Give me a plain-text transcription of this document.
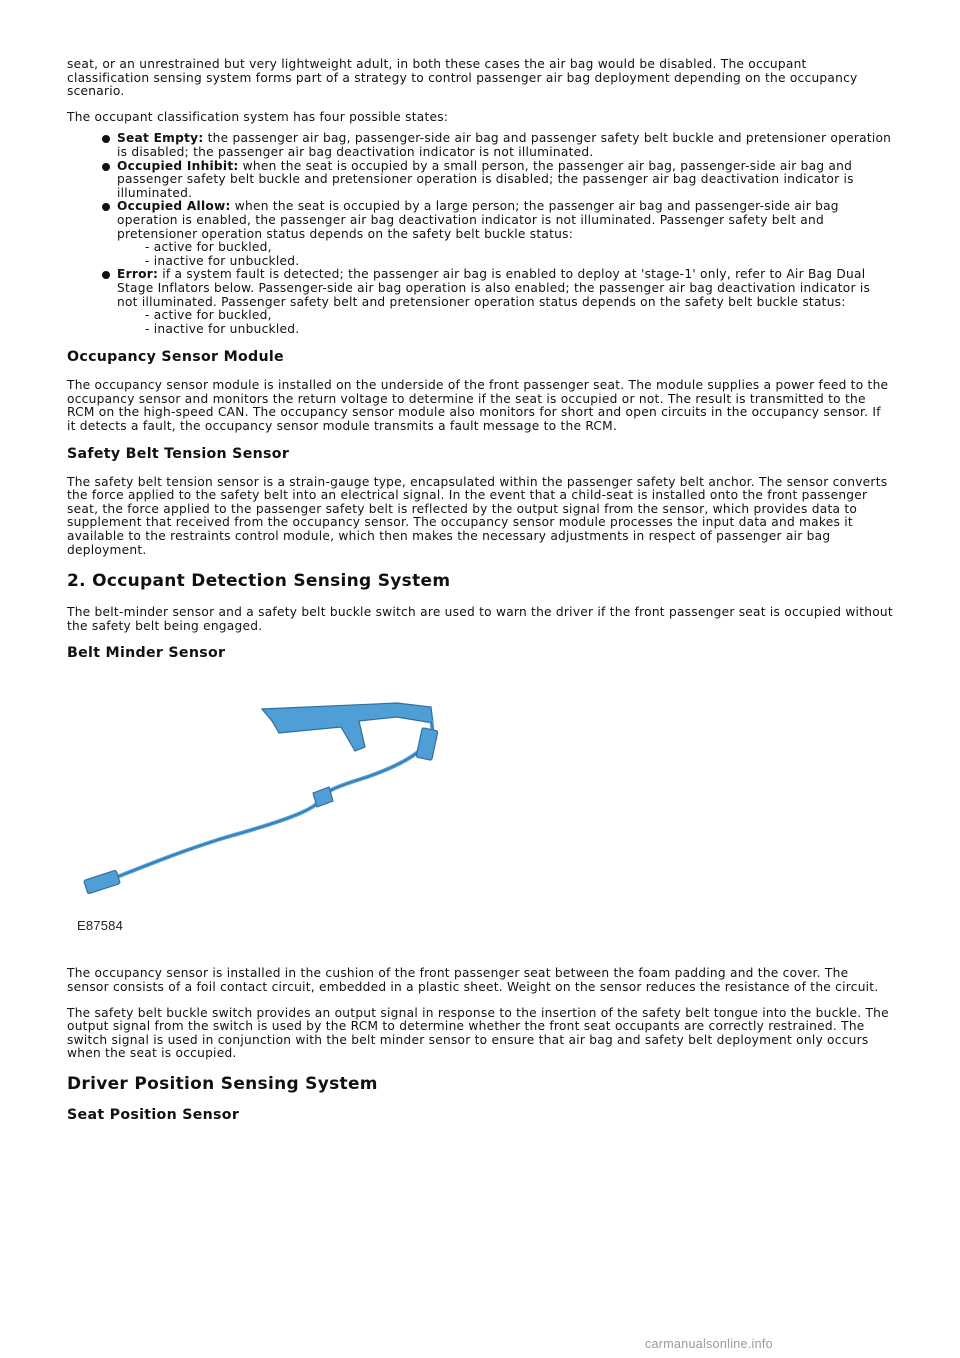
seat, or an unrestrained but very lightweight adult, in both these cases the air bag would be disabled. The occupant classification sensing system forms part of a strategy to control passenger air bag deployment depending on the occupancy scenario.

The occupant classification system has four possible states:

Seat Empty: the passenger air bag, passenger-side air bag and passenger safety belt buckle and pretensioner operation is disabled; the passenger air bag deactivation indicator is not illuminated.
Occupied Inhibit: when the seat is occupied by a small person, the passenger air bag, passenger-side air bag and passenger safety belt buckle and pretensioner operation is disabled; the passenger air bag deactivation indicator is illuminated.
Occupied Allow: when the seat is occupied by a large person; the passenger air bag and passenger-side air bag operation is enabled, the passenger air bag deactivation indicator is not illuminated. Passenger safety belt and pretensioner operation status depends on the safety belt buckle status:
- active for buckled,
- inactive for unbuckled.
Error: if a system fault is detected; the passenger air bag is enabled to deploy at 'stage-1' only, refer to Air Bag Dual Stage Inflators below. Passenger-side air bag operation is also enabled; the passenger air bag deactivation indicator is not illuminated. Passenger safety belt and pretensioner operation status depends on the safety belt buckle status:
- active for buckled,
- inactive for unbuckled.
Occupancy Sensor Module

The occupancy sensor module is installed on the underside of the front passenger seat. The module supplies a power feed to the occupancy sensor and monitors the return voltage to determine if the seat is occupied or not. The result is transmitted to the RCM on the high-speed CAN. The occupancy sensor module also monitors for short and open circuits in the occupancy sensor. If it detects a fault, the occupancy sensor module transmits a fault message to the RCM.

Safety Belt Tension Sensor

The safety belt tension sensor is a strain-gauge type, encapsulated within the passenger safety belt anchor. The sensor converts the force applied to the safety belt into an electrical signal. In the event that a child-seat is installed onto the front passenger seat, the force applied to the passenger safety belt is reflected by the output signal from the sensor, which provides data to supplement that received from the occupancy sensor. The occupancy sensor module processes the input data and makes it available to the restraints control module, which then makes the necessary adjustments in respect of passenger air bag deployment.

2. Occupant Detection Sensing System

The belt-minder sensor and a safety belt buckle switch are used to warn the driver if the front passenger seat is occupied without the safety belt being engaged.

Belt Minder Sensor
E87584

The occupancy sensor is installed in the cushion of the front passenger seat between the foam padding and the cover. The sensor consists of a foil contact circuit, embedded in a plastic sheet. Weight on the sensor reduces the resistance of the circuit.

The safety belt buckle switch provides an output signal in response to the insertion of the safety belt tongue into the buckle. The output signal from the switch is used by the RCM to determine whether the front seat occupants are correctly restrained. The switch signal is used in conjunction with the belt minder sensor to ensure that air bag and safety belt deployment only occurs when the seat is occupied.

Driver Position Sensing System
Seat Position Sensor
carmanualsonline.info
